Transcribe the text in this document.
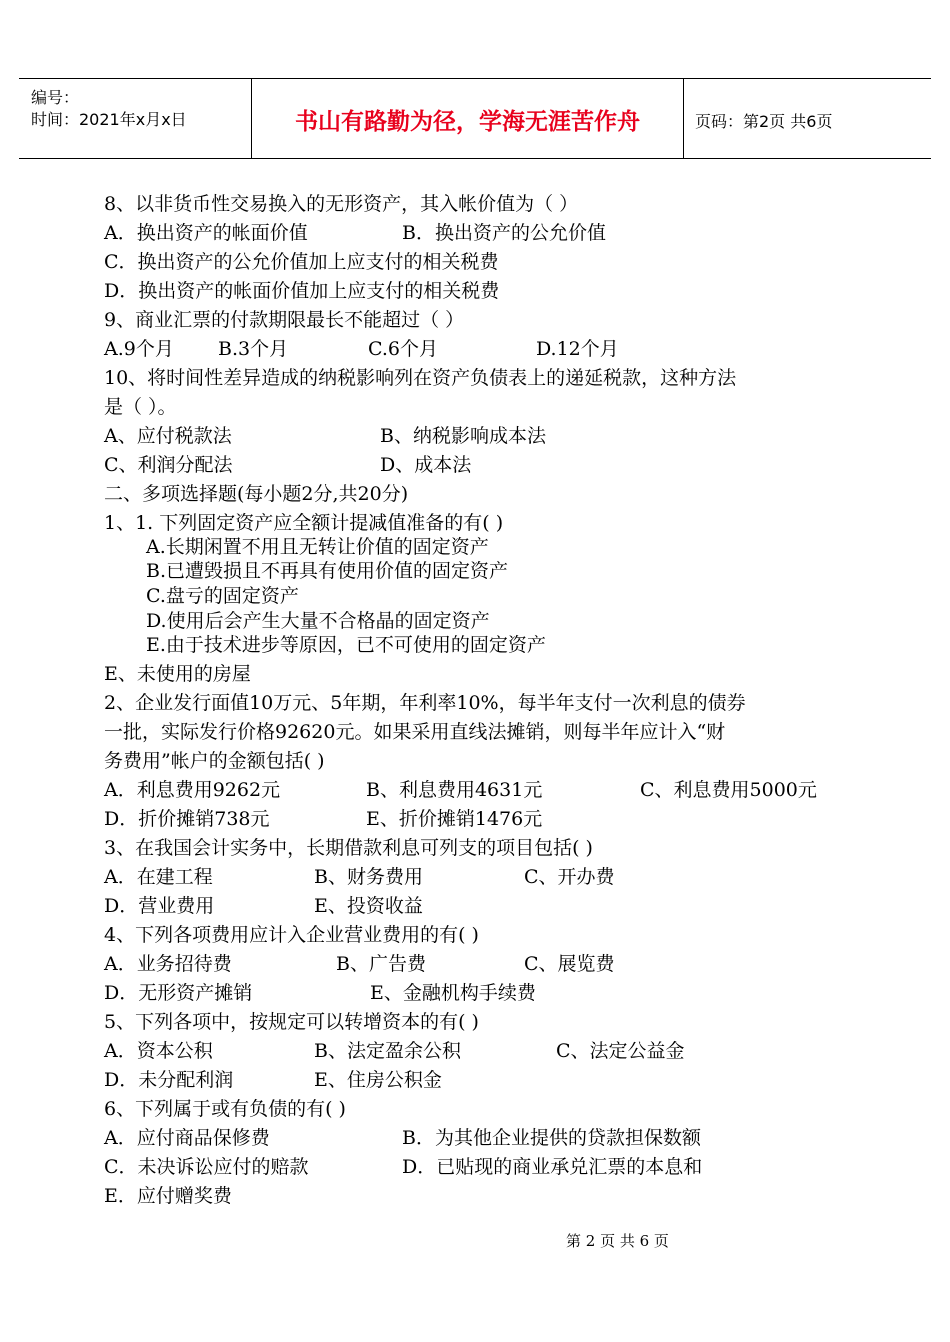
编号：
时间：2021年x月x日	书山有路勤为径，学海无涯苦作舟	页码：第2页 共6页
8、以非货币性交易换入的无形资产，其入帐价值为（ ）
A．换出资产的帐面价值	B．换出资产的公允价值
C．换出资产的公允价值加上应支付的相关税费
D．换出资产的帐面价值加上应支付的相关税费
9、商业汇票的付款期限最长不能超过（ ）
A.9个月 B.3个月	C.6个月	D.12个月
10、将时间性差异造成的纳税影响列在资产负债表上的递延税款，这种方法
是（ ）。
A、应付税款法	B、纳税影响成本法
C、利润分配法	D、成本法
二、多项选择题(每小题2分,共20分)
1、1. 下列固定资产应全额计提减值准备的有( )
A.长期闲置不用且无转让价值的固定资产
B.已遭毁损且不再具有使用价值的固定资产
C.盘亏的固定资产
D.使用后会产生大量不合格晶的固定资产
E.由于技术进步等原因，已不可使用的固定资产
E、未使用的房屋
2、企业发行面值10万元、5年期，年利率10%，每半年支付一次利息的债券
一批，实际发行价格92620元。如果采用直线法摊销，则每半年应计入“财
务费用”帐户的金额包括( )
A．利息费用9262元	B、利息费用4631元	C、利息费用5000元
D．折价摊销738元	E、折价摊销1476元
3、在我国会计实务中，长期借款利息可列支的项目包括( )
A．在建工程	B、财务费用	C、开办费
D．营业费用	E、投资收益
4、下列各项费用应计入企业营业费用的有( )
A．业务招待费	B、广告费	C、展览费
D．无形资产摊销	E、金融机构手续费
5、下列各项中，按规定可以转增资本的有( )
A．资本公积	B、法定盈余公积	C、法定公益金
D．未分配利润	E、住房公积金
6、下列属于或有负债的有( )
A．应付商品保修费	B．为其他企业提供的贷款担保数额
C．未决诉讼应付的赔款	D．已贴现的商业承兑汇票的本息和
E．应付赠奖费
第 2 页 共 6 页
